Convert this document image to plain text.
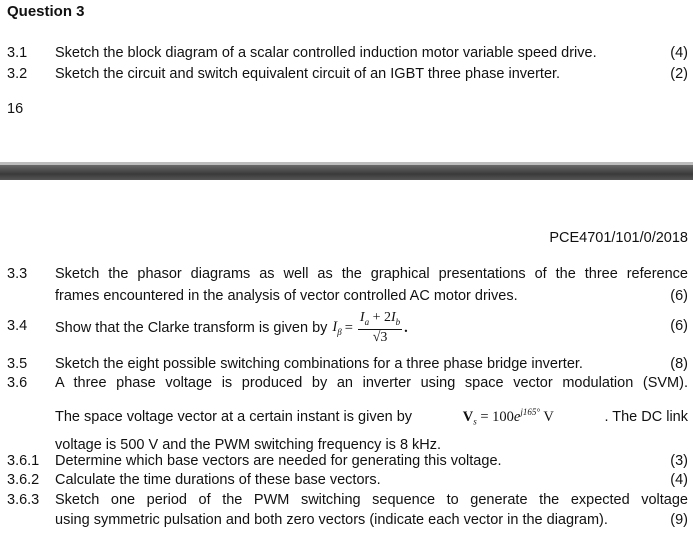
Question 3
3.1 Sketch the block diagram of a scalar controlled induction motor variable speed drive.	(4)
3.2 Sketch the circuit and switch equivalent circuit of an IGBT three phase inverter.	(2)
16
PCE4701/101/0/2018
3.3 Sketch the phasor diagrams as well as the graphical presentations of the three reference
frames encountered in the analysis of vector controlled AC motor drives.	(6)
3.4 Show that the Clarke transform is given by $I_\beta = \frac{I_a + 2I_b}{√3}$ .	(6)
3.5 Sketch the eight possible switching combinations for a three phase bridge inverter.	(8)
3.6 A three phase voltage is produced by an inverter using space vector modulation (SVM).
The space voltage vector at a certain instant is given by	$V_s = 100e^{j165^\circ}$ V	. The DC link
voltage is 500 V and the PWM switching frequency is 8 kHz.
3.6.1 Determine which base vectors are needed for generating this voltage.	(3)
3.6.2 Calculate the time durations of these base vectors.	(4)
3.6.3 Sketch one period of the PWM switching sequence to generate the expected voltage
using symmetric pulsation and both zero vectors (indicate each vector in the diagram).	(9)
